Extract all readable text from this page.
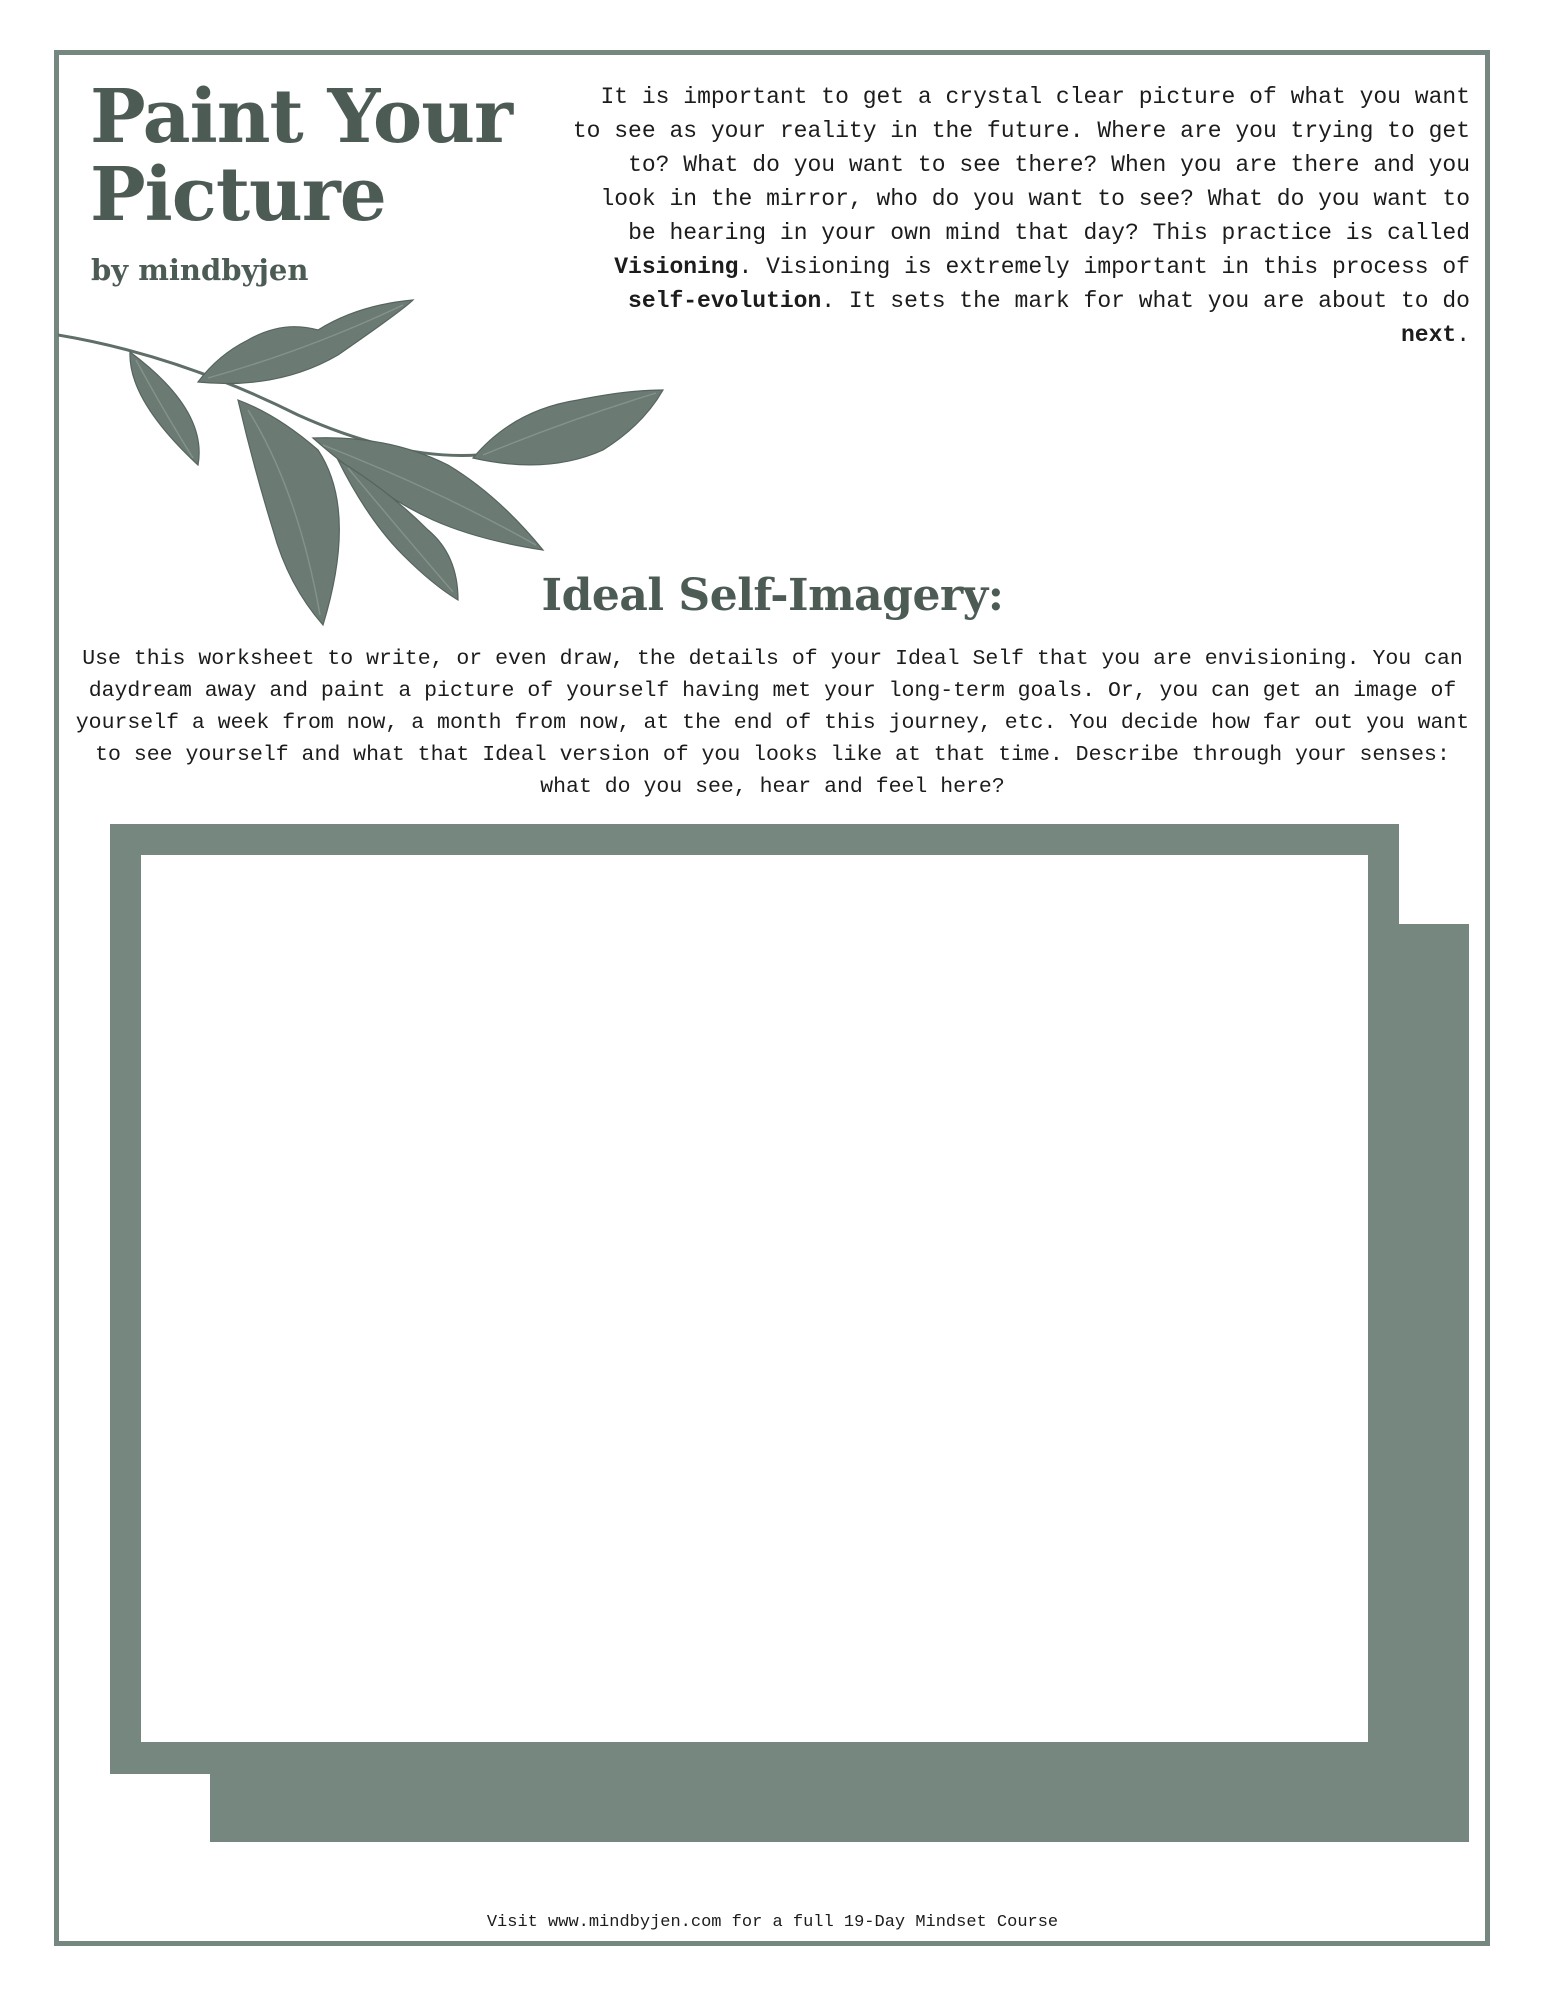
Paint Your Picture

by mindbyjen

It is important to get a crystal clear picture of what you want to see as your reality in the future. Where are you trying to get to? What do you want to see there? When you are there and you look in the mirror, who do you want to see? What do you want to be hearing in your own mind that day? This practice is called Visioning. Visioning is extremely important in this process of self-evolution. It sets the mark for what you are about to do next.

Ideal Self-Imagery:

Use this worksheet to write, or even draw, the details of your Ideal Self that you are envisioning. You can daydream away and paint a picture of yourself having met your long-term goals. Or, you can get an image of yourself a week from now, a month from now, at the end of this journey, etc. You decide how far out you want to see yourself and what that Ideal version of you looks like at that time. Describe through your senses: what do you see, hear and feel here?

Visit www.mindbyjen.com for a full 19-Day Mindset Course
